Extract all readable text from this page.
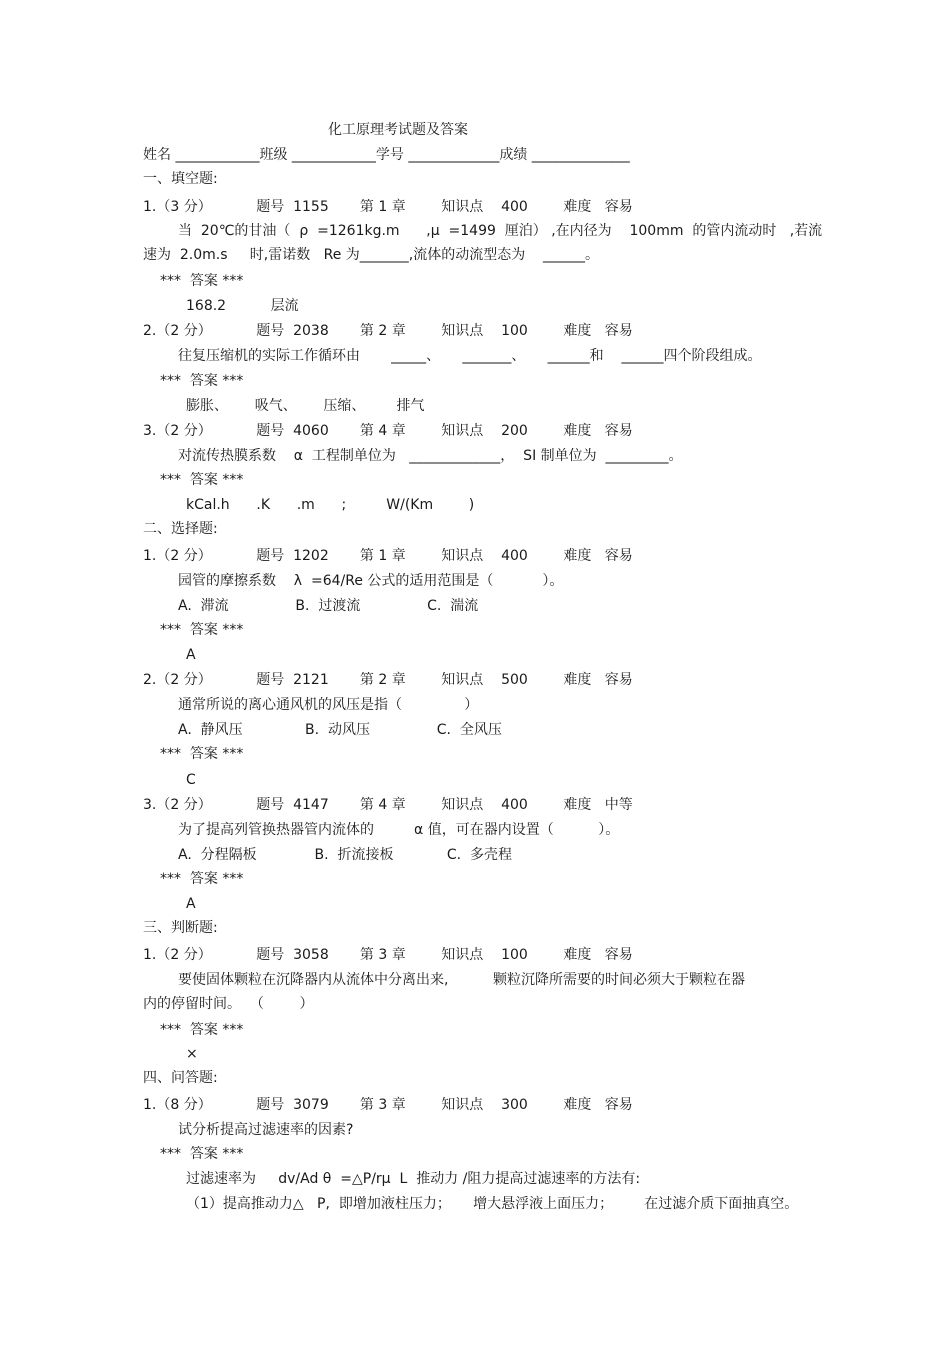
化工原理考试题及答案
姓名 ____________班级 ____________学号 _____________成绩 ______________
一、填空题:
1.（3 分）          题号  1155       第 1 章        知识点    400        难度   容易
当  20℃的甘油（  ρ  =1261kg.m      ,μ  =1499  厘泊） ,在内径为    100mm  的管内流动时   ,若流
速为  2.0m.s     时,雷诺数   Re 为_______,流体的动流型态为    ______。
***  答案 ***
168.2          层流
2.（2 分）          题号  2038       第 2 章        知识点    100        难度   容易
往复压缩机的实际工作循环由       _____、     _______、     ______和    ______四个阶段组成。
***  答案 ***
膨胀、      吸气、      压缩、       排气
3.（2 分）          题号  4060       第 4 章        知识点    200        难度   容易
对流传热膜系数    α  工程制单位为   _____________，  SI 制单位为  _________。
***  答案 ***
kCal.h      .K      .m      ;         W/(Km        )
二、选择题:
1.（2 分）          题号  1202       第 1 章        知识点    400        难度   容易
园管的摩擦系数    λ  =64/Re 公式的适用范围是（           ）。
A.  滞流               B.  过渡流               C.  湍流
***  答案 ***
A
2.（2 分）          题号  2121       第 2 章        知识点    500        难度   容易
通常所说的离心通风机的风压是指（              ）
A.  静风压              B.  动风压               C.  全风压
***  答案 ***
C
3.（2 分）          题号  4147       第 4 章        知识点    400        难度   中等
为了提高列管换热器管内流体的         α 值，可在器内设置（          ）。
A.  分程隔板             B.  折流接板            C.  多壳程
***  答案 ***
A
三、判断题:
1.（2 分）          题号  3058       第 3 章        知识点    100        难度   容易
要使固体颗粒在沉降器内从流体中分离出来,          颗粒沉降所需要的时间必须大于颗粒在器
内的停留时间。  （        ）
***  答案 ***
×
四、问答题:
1.（8 分）          题号  3079       第 3 章        知识点    300        难度   容易
试分析提高过滤速率的因素?
***  答案 ***
过滤速率为     dv/Ad θ  =△P/rμ  L  推动力 /阻力提高过滤速率的方法有:
（1）提高推动力△   P,  即增加液柱压力；     增大悬浮液上面压力；       在过滤介质下面抽真空。
